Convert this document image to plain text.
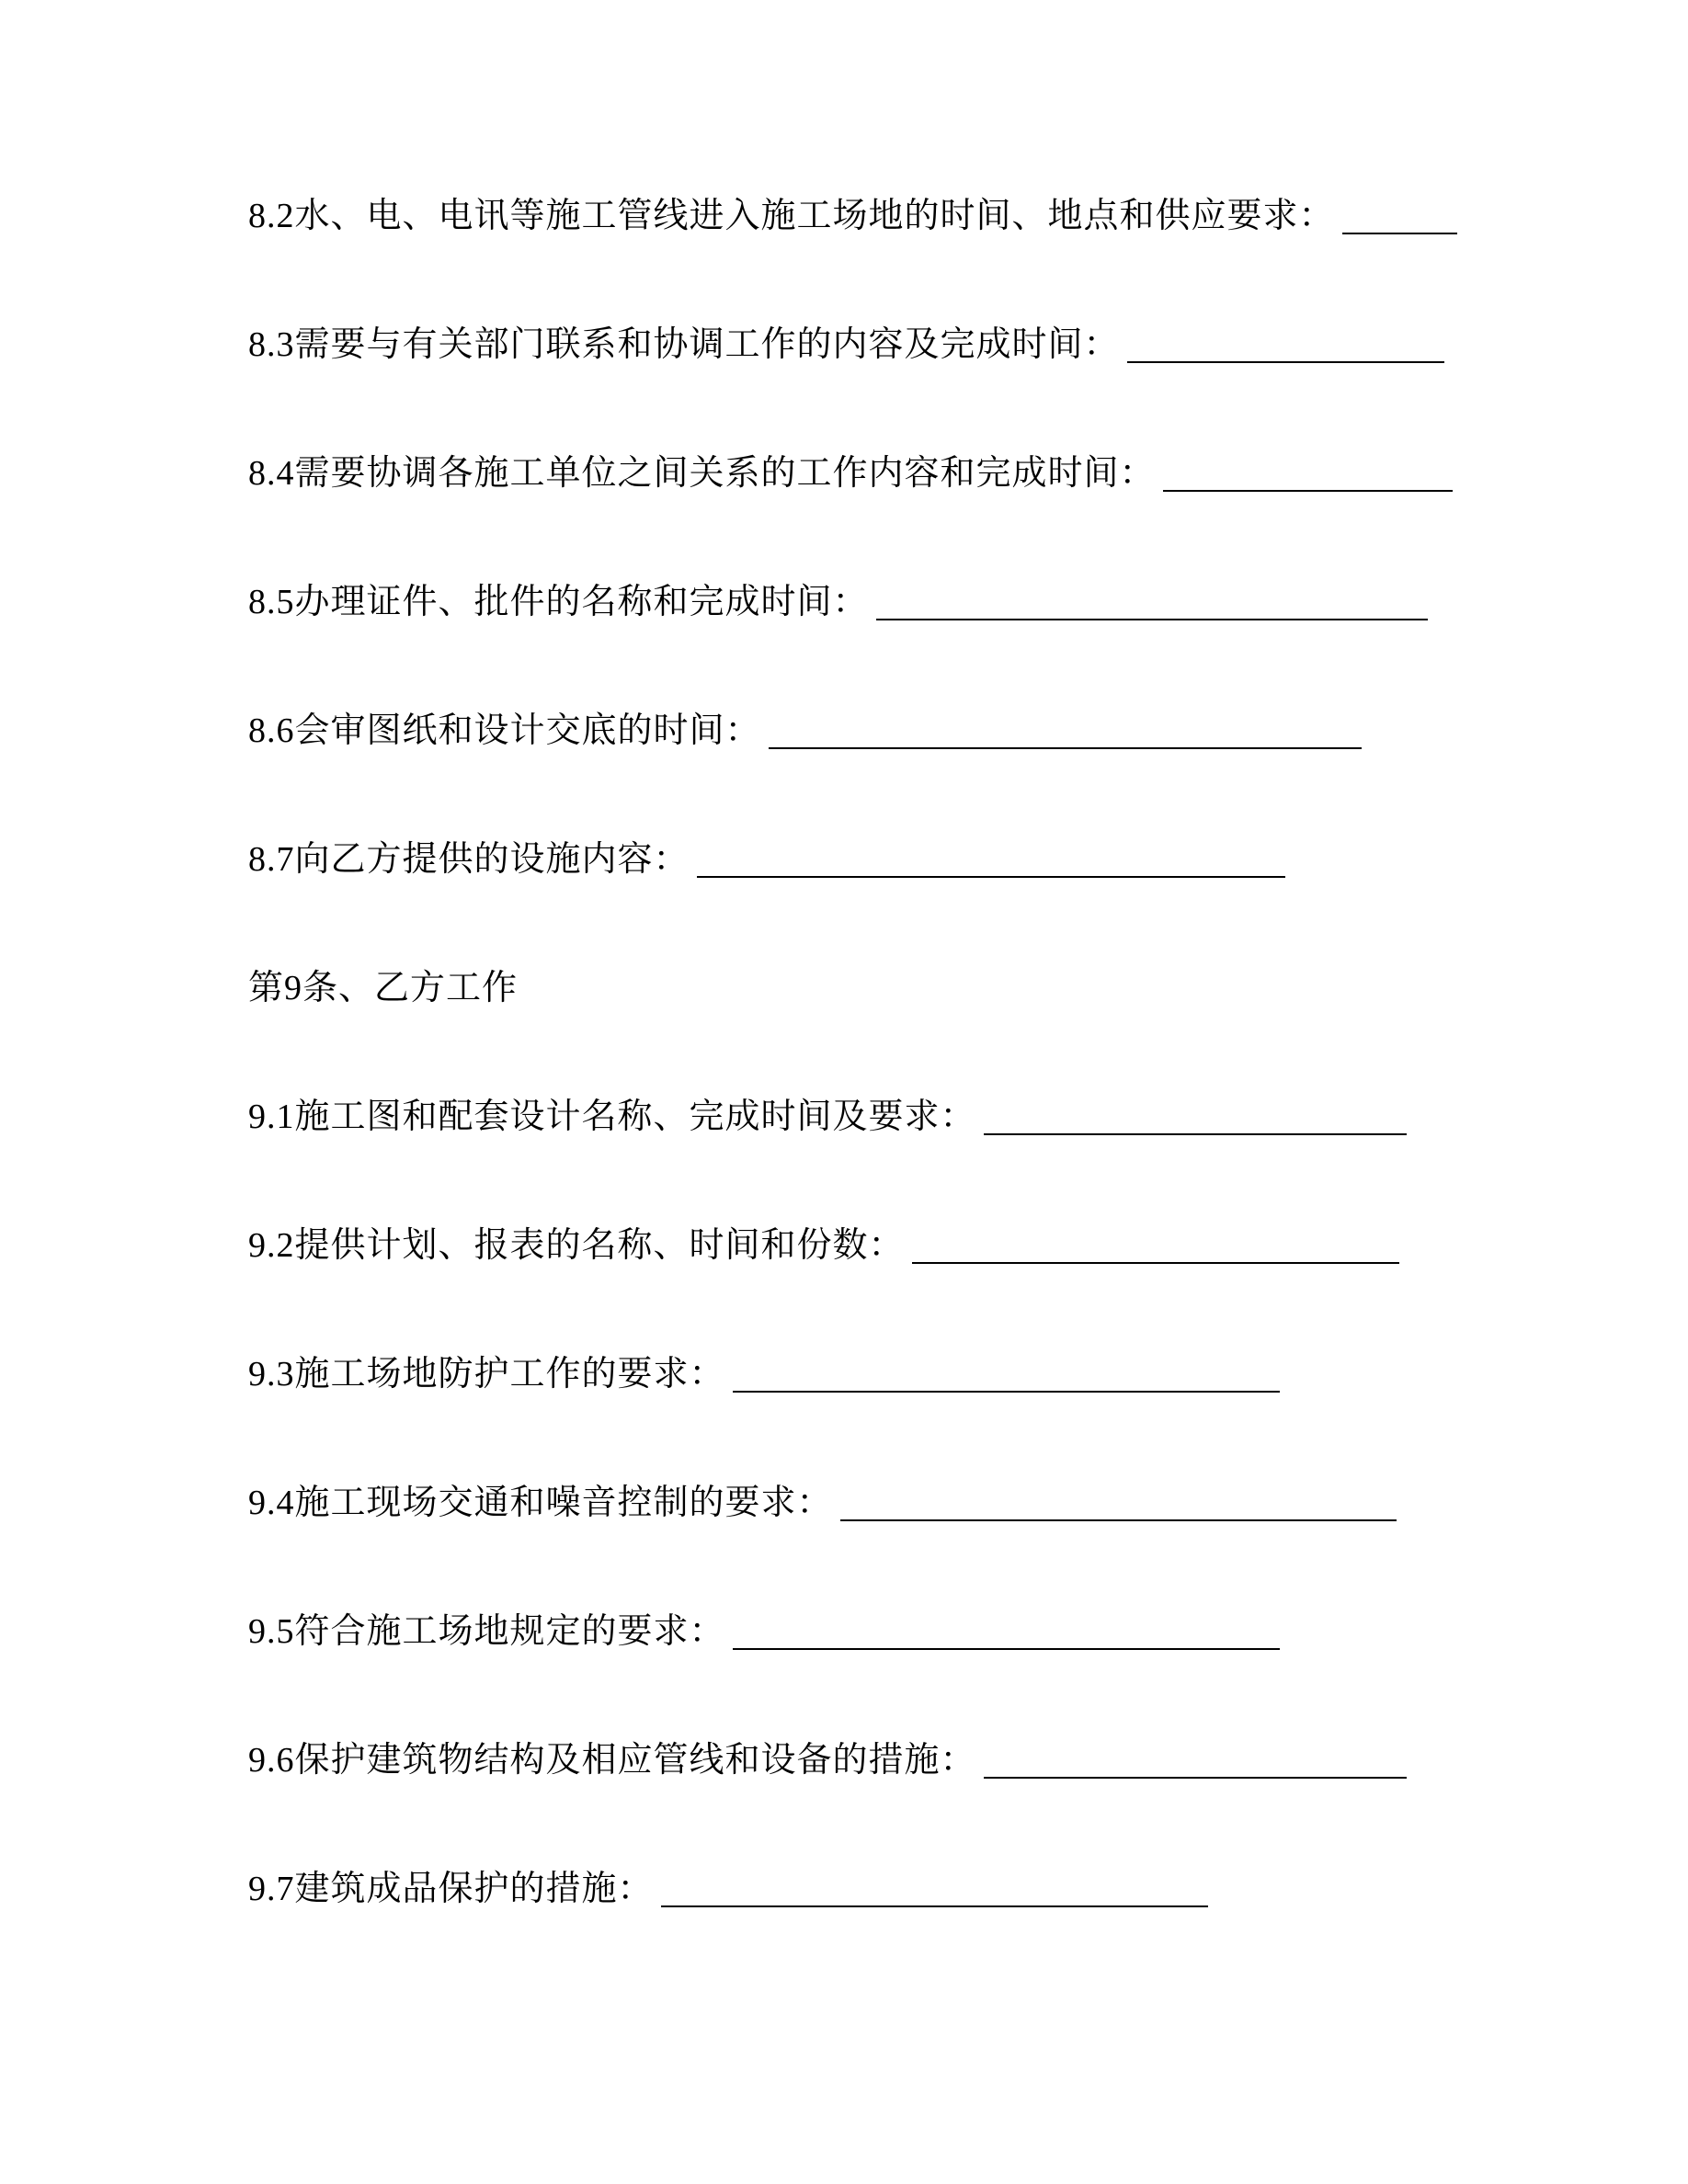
8.2水、电、电讯等施工管线进入施工场地的时间、地点和供应要求：
8.3需要与有关部门联系和协调工作的内容及完成时间：
8.4需要协调各施工单位之间关系的工作内容和完成时间：
8.5办理证件、批件的名称和完成时间：
8.6会审图纸和设计交底的时间：
8.7向乙方提供的设施内容：
第9条、乙方工作
9.1施工图和配套设计名称、完成时间及要求：
9.2提供计划、报表的名称、时间和份数：
9.3施工场地防护工作的要求：
9.4施工现场交通和噪音控制的要求：
9.5符合施工场地规定的要求：
9.6保护建筑物结构及相应管线和设备的措施：
9.7建筑成品保护的措施：
